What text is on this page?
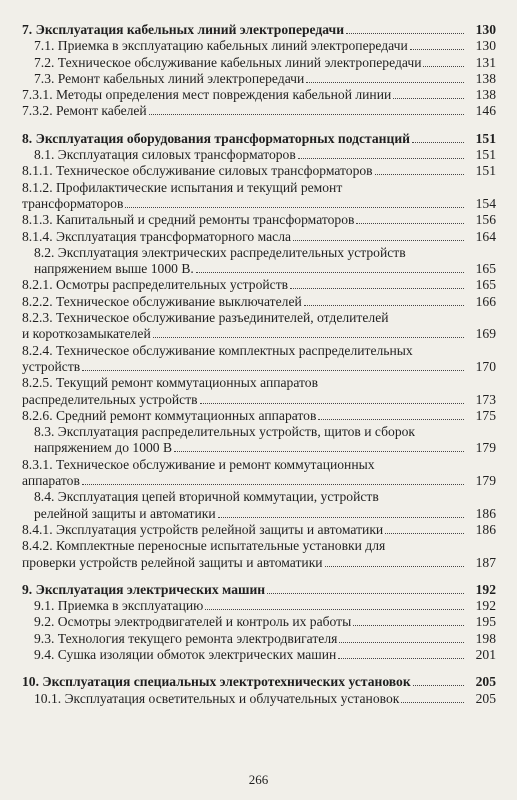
7. Эксплуатация кабельных линий электропередачи	130
7.1. Приемка в эксплуатацию кабельных линий электропередачи	130
7.2. Техническое обслуживание кабельных линий электропередачи	131
7.3. Ремонт кабельных линий электропередачи	138
7.3.1. Методы определения мест повреждения кабельной линии	138
7.3.2. Ремонт кабелей	146
8. Эксплуатация оборудования трансформаторных подстанций	151
8.1. Эксплуатация силовых трансформаторов	151
8.1.1. Техническое обслуживание силовых трансформаторов	151
8.1.2. Профилактические испытания и текущий ремонт
трансформаторов	154
8.1.3. Капитальный и средний ремонты трансформаторов	156
8.1.4. Эксплуатация трансформаторного масла	164
8.2. Эксплуатация электрических распределительных устройств
напряжением выше 1000 В.	165
8.2.1. Осмотры распределительных устройств	165
8.2.2. Техническое обслуживание выключателей	166
8.2.3. Техническое обслуживание разъединителей, отделителей
и короткозамыкателей	169
8.2.4. Техническое обслуживание комплектных распределительных
устройств	170
8.2.5. Текущий ремонт коммутационных аппаратов
распределительных устройств	173
8.2.6. Средний ремонт коммутационных аппаратов	175
8.3. Эксплуатация распределительных устройств, щитов и сборок
напряжением до 1000 В	179
8.3.1. Техническое обслуживание и ремонт коммутационных
аппаратов	179
8.4. Эксплуатация цепей вторичной коммутации, устройств
релейной защиты и автоматики	186
8.4.1. Эксплуатация устройств релейной защиты и автоматики	186
8.4.2. Комплектные переносные испытательные установки для
проверки устройств релейной защиты и автоматики	187
9. Эксплуатация электрических машин	192
9.1. Приемка в эксплуатацию	192
9.2. Осмотры электродвигателей и контроль их работы	195
9.3. Технология текущего ремонта электродвигателя	198
9.4. Сушка изоляции обмоток электрических машин	201
10. Эксплуатация специальных электротехнических установок	205
10.1. Эксплуатация осветительных и облучательных установок	205
266
